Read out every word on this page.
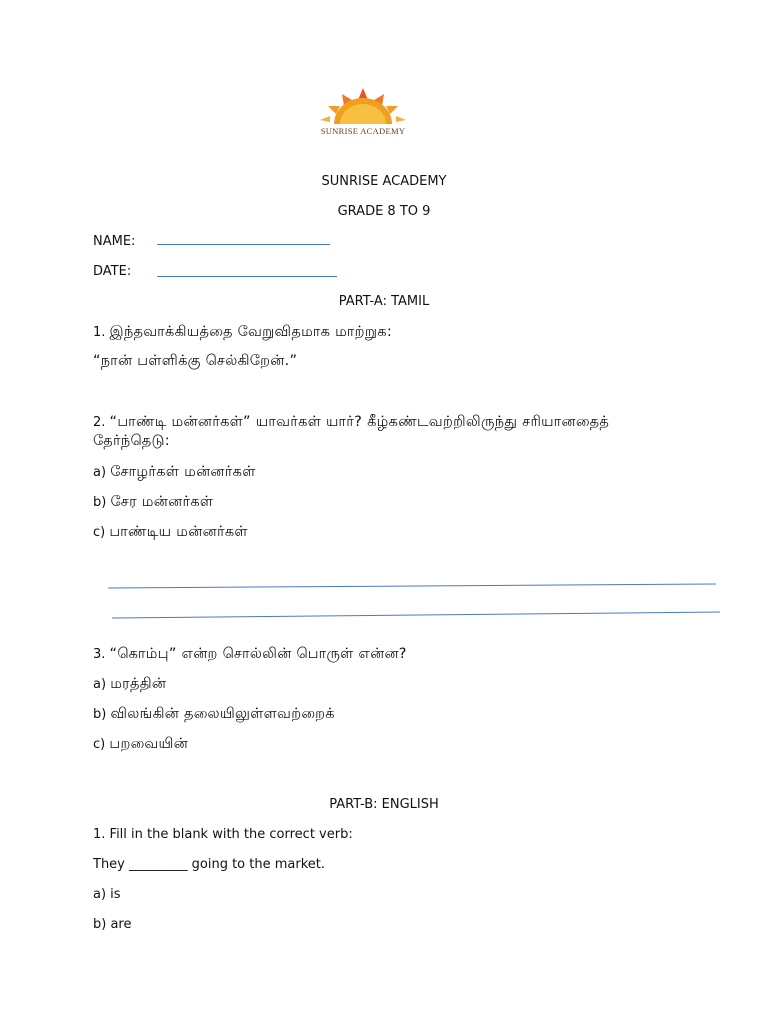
SUNRISE ACADEMY
SUNRISE ACADEMY
GRADE 8 TO 9
NAME:
DATE:
PART-A: TAMIL
1. இந்தவாக்கியத்தை வேறுவிதமாக மாற்றுக:
“நான் பள்ளிக்கு செல்கிறேன்.”
2. “பாண்டி மன்னர்கள்” யாவர்கள் யார்? கீழ்கண்டவற்றிலிருந்து சரியானதைத்
தேர்ந்தெடு:
a) சோழர்கள் மன்னர்கள்
b) சேர மன்னர்கள்
c) பாண்டிய மன்னர்கள்
3. “கொம்பு” என்ற சொல்லின் பொருள் என்ன?
a) மரத்தின்
b) விலங்கின் தலையிலுள்ளவற்றைக்
c) பறவையின்
PART-B: ENGLISH
1. Fill in the blank with the correct verb:
They _________ going to the market.
a) is
b) are
